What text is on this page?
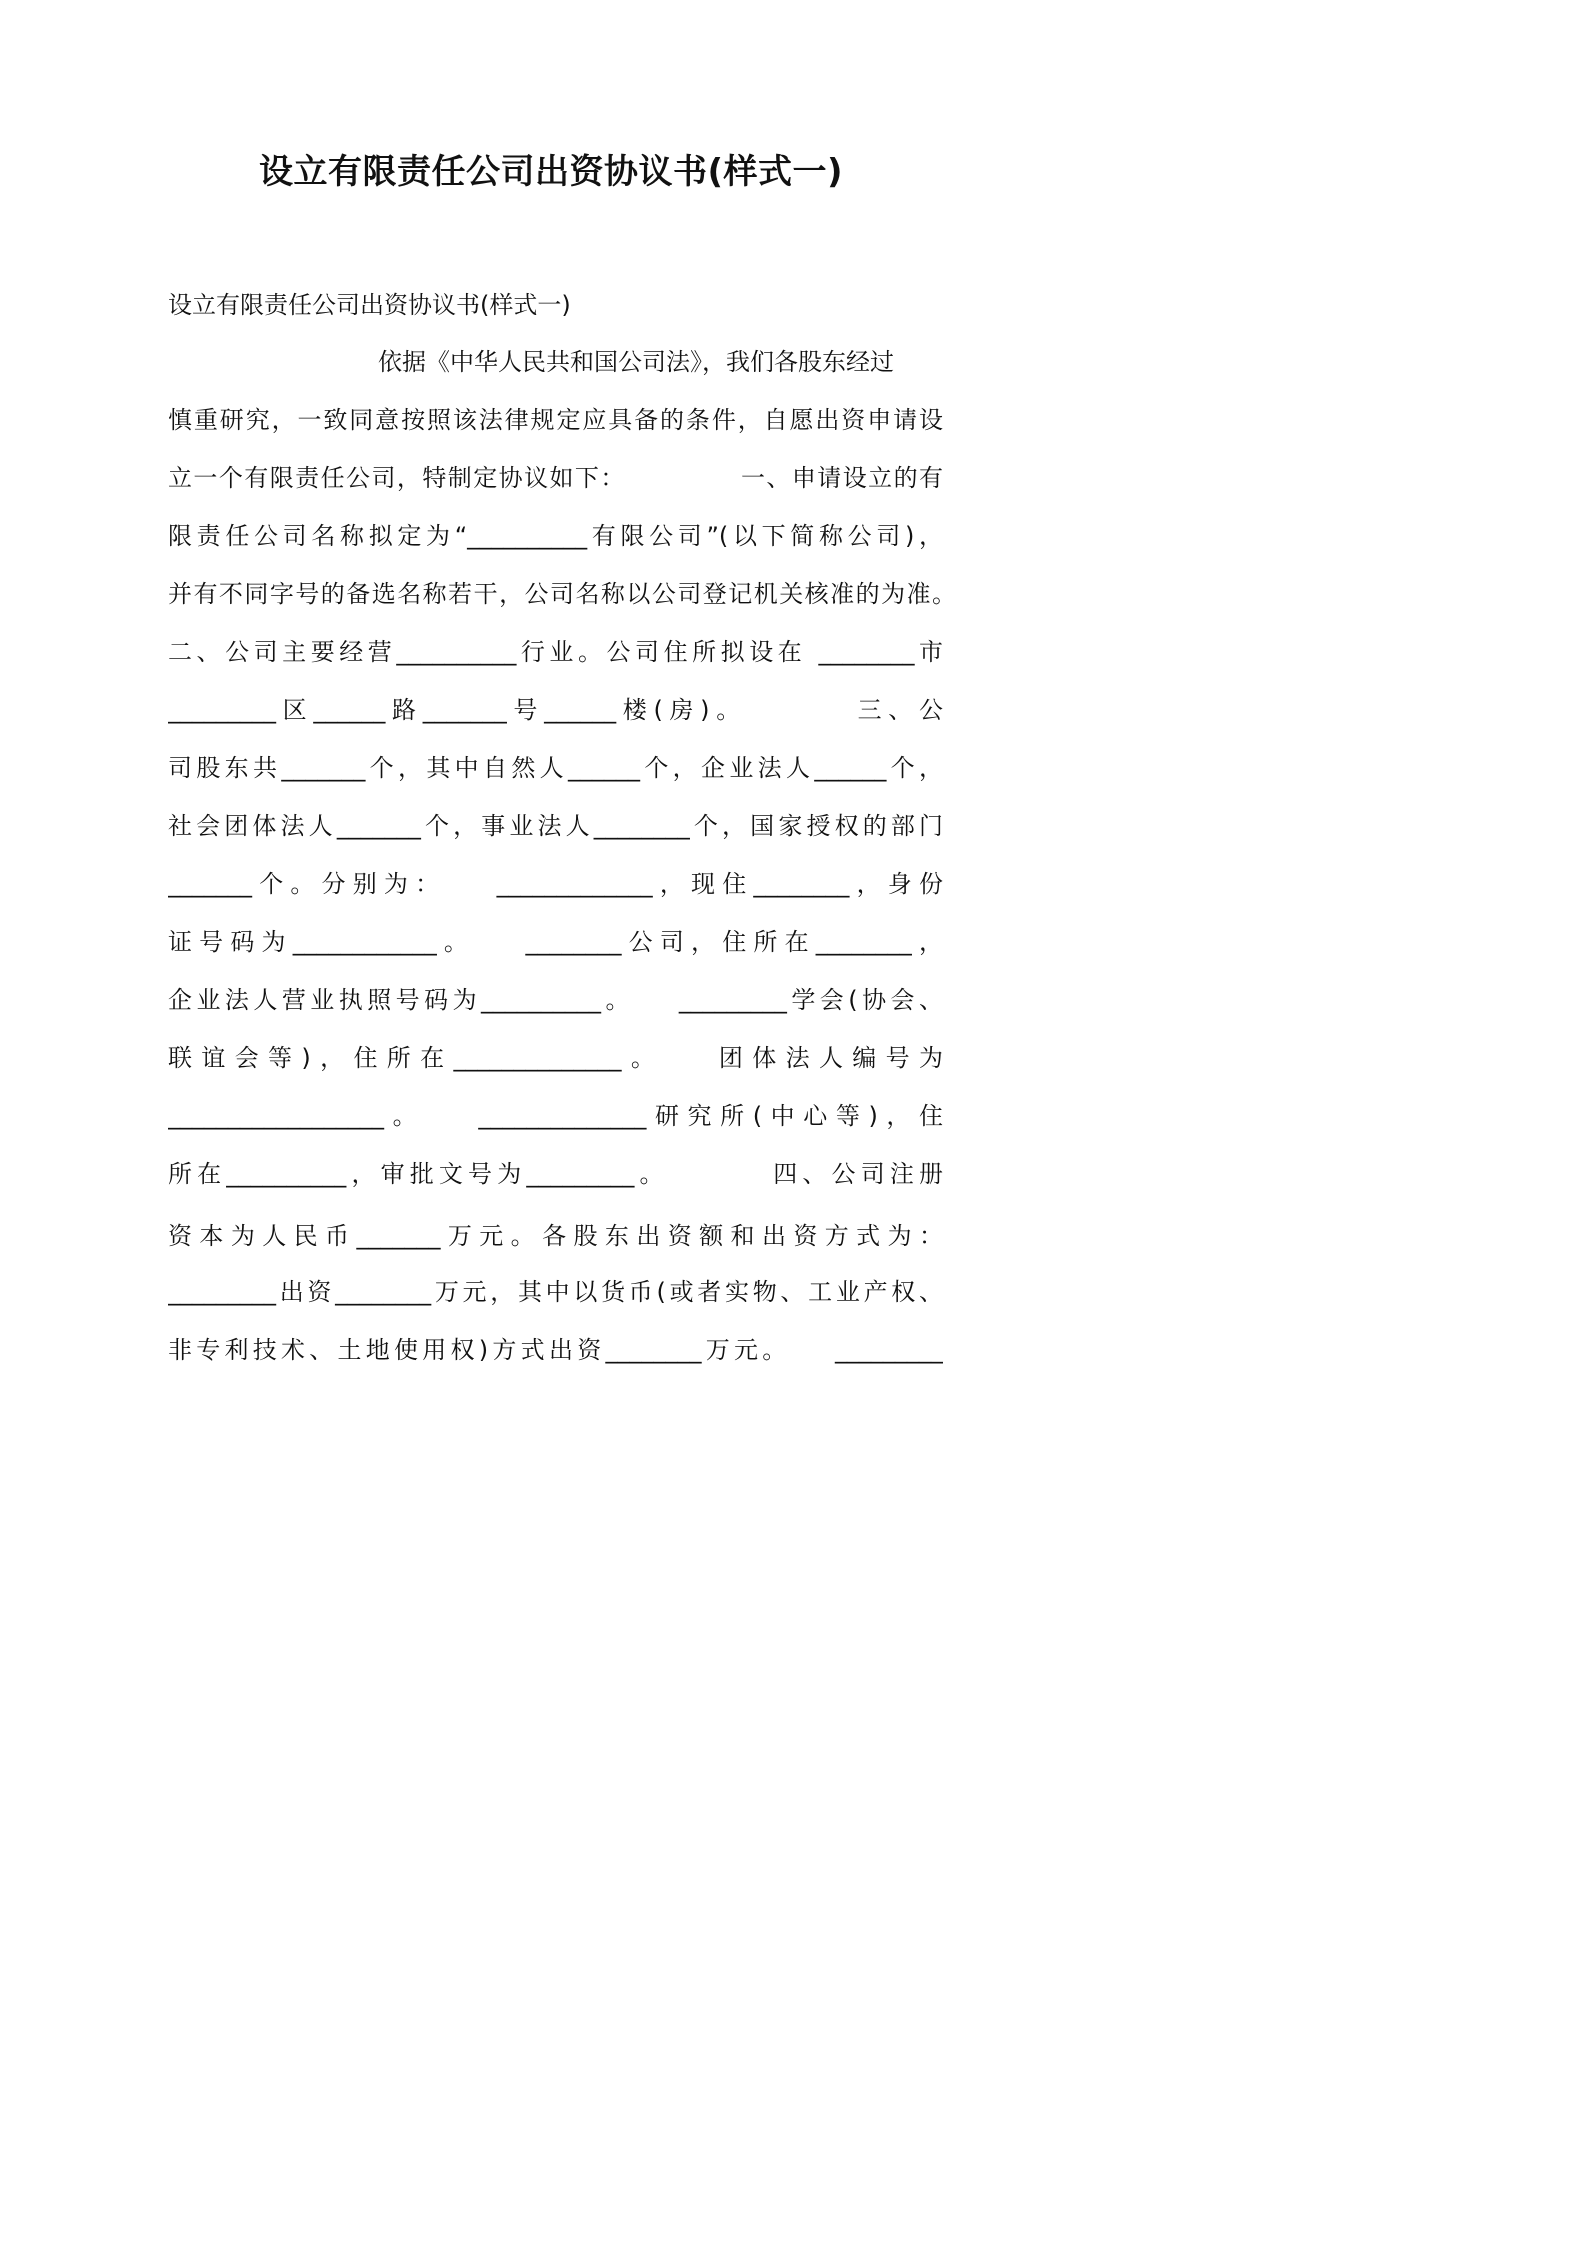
设立有限责任公司出资协议书(样式一)
设立有限责任公司出资协议书(样式一)
依据《中华人民共和国公司法》，我们各股东经过
慎重研究，一致同意按照该法律规定应具备的条件，自愿出资申请设
立一个有限责任公司，特制定协议如下：　　　　　一、申请设立的有
限责任公司名称拟定为“__________有限公司”(以下简称公司)，
并有不同字号的备选名称若干，公司名称以公司登记机关核准的为准。
二、公司主要经营__________行业。公司住所拟设在 ________市
_________区______路_______号______楼(房)。　　　　三、公
司股东共_______个，其中自然人______个，企业法人______个，
社会团体法人_______个，事业法人________个，国家授权的部门
_______个。分别为：　　_____________，现住________，身份
证号码为____________。　　________公司，住所在________，
企业法人营业执照号码为__________。　　_________学会(协会、
联谊会等)，住所在______________。　　团体法人编号为
__________________。　　______________研究所(中心等)，住
所在__________，审批文号为_________。　　　　四、公司注册
资本为人民币_______万元。各股东出资额和出资方式为：
_________出资________万元，其中以货币(或者实物、工业产权、
非专利技术、土地使用权)方式出资________万元。　　_________
